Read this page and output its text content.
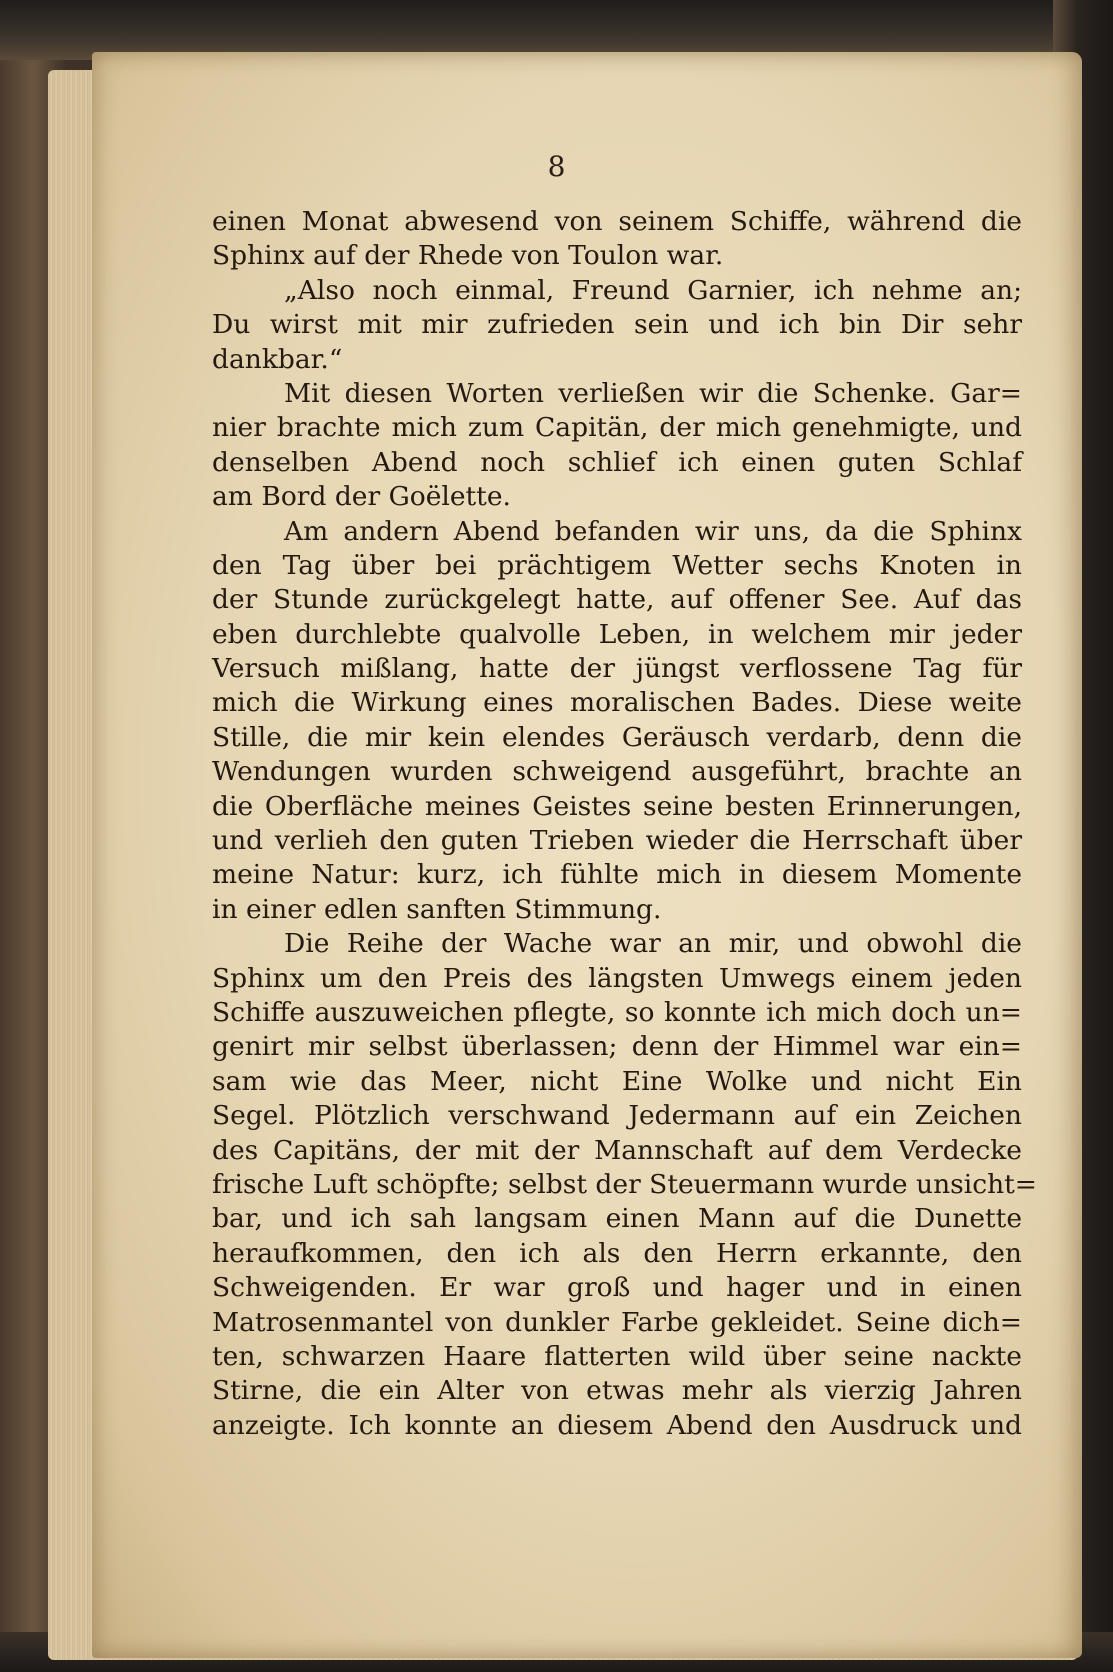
8
einen Monat abwesend von seinem Schiffe, während die
Sphinx auf der Rhede von Toulon war.
„Also noch einmal, Freund Garnier, ich nehme an;
Du wirst mit mir zufrieden sein und ich bin Dir sehr
dankbar.“
Mit diesen Worten verließen wir die Schenke. Gar=
nier brachte mich zum Capitän, der mich genehmigte, und
denselben Abend noch schlief ich einen guten Schlaf
am Bord der Goëlette.
Am andern Abend befanden wir uns, da die Sphinx
den Tag über bei prächtigem Wetter sechs Knoten in
der Stunde zurückgelegt hatte, auf offener See. Auf das
eben durchlebte qualvolle Leben, in welchem mir jeder
Versuch mißlang, hatte der jüngst verflossene Tag für
mich die Wirkung eines moralischen Bades. Diese weite
Stille, die mir kein elendes Geräusch verdarb, denn die
Wendungen wurden schweigend ausgeführt, brachte an
die Oberfläche meines Geistes seine besten Erinnerungen,
und verlieh den guten Trieben wieder die Herrschaft über
meine Natur: kurz, ich fühlte mich in diesem Momente
in einer edlen sanften Stimmung.
Die Reihe der Wache war an mir, und obwohl die
Sphinx um den Preis des längsten Umwegs einem jeden
Schiffe auszuweichen pflegte, so konnte ich mich doch un=
genirt mir selbst überlassen; denn der Himmel war ein=
sam wie das Meer, nicht Eine Wolke und nicht Ein
Segel. Plötzlich verschwand Jedermann auf ein Zeichen
des Capitäns, der mit der Mannschaft auf dem Verdecke
frische Luft schöpfte; selbst der Steuermann wurde unsicht=
bar, und ich sah langsam einen Mann auf die Dunette
heraufkommen, den ich als den Herrn erkannte, den
Schweigenden. Er war groß und hager und in einen
Matrosenmantel von dunkler Farbe gekleidet. Seine dich=
ten, schwarzen Haare flatterten wild über seine nackte
Stirne, die ein Alter von etwas mehr als vierzig Jahren
anzeigte. Ich konnte an diesem Abend den Ausdruck und
